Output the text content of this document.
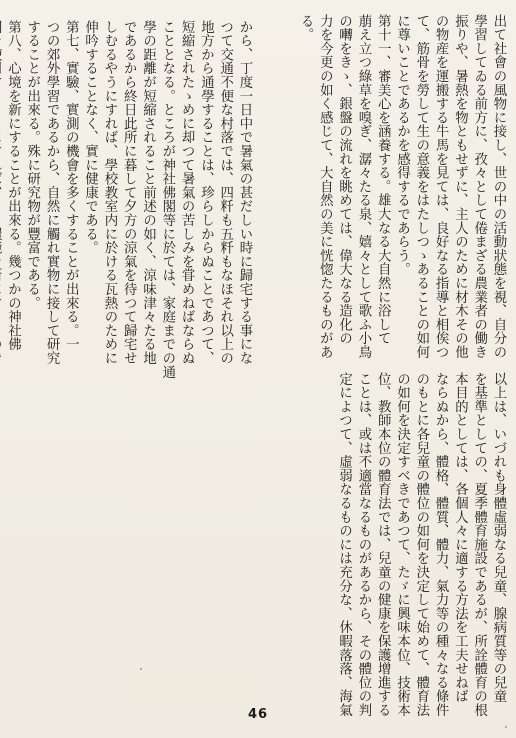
から、丁度一日中で暑氣の甚だしい時に歸宅する事にな
つて交通不便な村落では、四粁も五粁もなほそれ以上の
地方から通學することは、珍らしからぬことであつて、
短縮されたゝめに却つて暑氣の苦しみを甞めねばならぬ
こととなる。ところが神社佛閣等に於ては、家庭までの通
學の距離が短縮されること前述の如く、涼味津々たる地
であるから終日此所に暮して夕方の涼氣を待つて歸宅せ
しむるやうにすれば、學校教室内に於ける瓦熱のために
伸吟することなく、實に健康である。
第七、實驗、實測の機會を多くすることが出來る。一
つの郊外學習であるから、自然に觸れ實物に接して研究
することが出來る。殊に研究物が豐富である。
第八、心境を新にすることが出來る。幾つかの神社佛	出て社會の風物に接し、世の中の活動狀態を視、自分の
學習してゐる前方に、孜々として倦まざる農業者の働き
振りや、暑熱を物ともせずに、主人のために材木その他
の物産を運搬する牛馬を見ては、良好なる指導と相俟つ
て、筋骨を勞して生の意義をはたしつゝあることの如何
に尊いことであるかを感得するであらう。
第十一、審美心を涵養する。雄大なる大自然に浴して
萠え立つ綠草を嗅ぎ、潺々たる泉、嬉々として歌ふ小鳥
の囀をきゝ、銀盤の流れを眺めては、偉大なる造化の
力を今更の如く感じて、大自然の美に恍惚たるものがあ
る。
以上は、いづれも身體虛弱なる兒童、腺病質等の兒童
を基準としての、夏季體育施設であるが、所詮體育の根
本目的としては、各個人々に適する方法を工夫せねば
ならぬから、體格、體質、體力、氣力等の種々なる條件
のもとに各兒童の體位の如何を決定して始めて、體育法
の如何を決定すべきであつて、たゞに興味本位、技術本
位、教師本位の體育法では、兒童の健康を保護增進する
ことは、或は不適當なるものがあるから、その體位の判
定によつて、虛弱なるものには充分な、休暇落落、海氣
46
